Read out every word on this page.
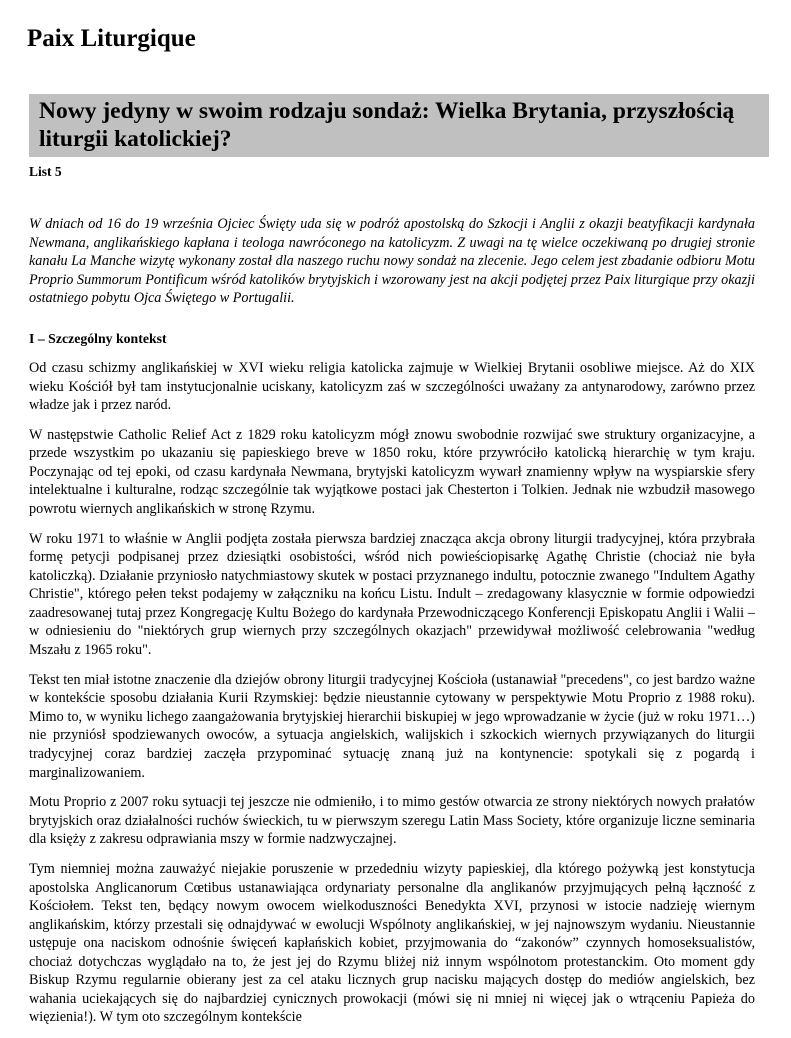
Paix Liturgique
Nowy jedyny w swoim rodzaju sondaż: Wielka Brytania, przyszłością liturgii katolickiej?
List 5

W dniach od 16 do 19 września Ojciec Święty uda się w podróż apostolską do Szkocji i Anglii z okazji beatyfikacji kardynała Newmana, anglikańskiego kapłana i teologa nawróconego na katolicyzm. Z uwagi na tę wielce oczekiwaną po drugiej stronie kanału La Manche wizytę wykonany został dla naszego ruchu nowy sondaż na zlecenie. Jego celem jest zbadanie odbioru Motu Proprio Summorum Pontificum wśród katolików brytyjskich i wzorowany jest na akcji podjętej przez Paix liturgique przy okazji ostatniego pobytu Ojca Świętego w Portugalii.

I – Szczególny kontekst

Od czasu schizmy anglikańskiej w XVI wieku religia katolicka zajmuje w Wielkiej Brytanii osobliwe miejsce. Aż do XIX wieku Kościół był tam instytucjonalnie uciskany, katolicyzm zaś w szczególności uważany za antynarodowy, zarówno przez władze jak i przez naród.

W następstwie Catholic Relief Act z 1829 roku katolicyzm mógł znowu swobodnie rozwijać swe struktury organizacyjne, a przede wszystkim po ukazaniu się papieskiego breve w 1850 roku, które przywróciło katolicką hierarchię w tym kraju. Poczynając od tej epoki, od czasu kardynała Newmana, brytyjski katolicyzm wywarł znamienny wpływ na wyspiarskie sfery intelektualne i kulturalne, rodząc szczególnie tak wyjątkowe postaci jak Chesterton i Tolkien. Jednak nie wzbudził masowego powrotu wiernych anglikańskich w stronę Rzymu.

W roku 1971 to właśnie w Anglii podjęta została pierwsza bardziej znacząca akcja obrony liturgii tradycyjnej, która przybrała formę petycji podpisanej przez dziesiątki osobistości, wśród nich powieściopisarkę Agathę Christie (chociaż nie była katoliczką). Działanie przyniosło natychmiastowy skutek w postaci przyznanego indultu, potocznie zwanego "Indultem Agathy Christie", którego pełen tekst podajemy w załączniku na końcu Listu. Indult – zredagowany klasycznie w formie odpowiedzi zaadresowanej tutaj przez Kongregację Kultu Bożego do kardynała Przewodniczącego Konferencji Episkopatu Anglii i Walii – w odniesieniu do "niektórych grup wiernych przy szczególnych okazjach" przewidywał możliwość celebrowania "według Mszału z 1965 roku".

Tekst ten miał istotne znaczenie dla dziejów obrony liturgii tradycyjnej Kościoła (ustanawiał "precedens", co jest bardzo ważne w kontekście sposobu działania Kurii Rzymskiej: będzie nieustannie cytowany w perspektywie Motu Proprio z 1988 roku). Mimo to, w wyniku lichego zaangażowania brytyjskiej hierarchii biskupiej w jego wprowadzanie w życie (już w roku 1971…) nie przyniósł spodziewanych owoców, a sytuacja angielskich, walijskich i szkockich wiernych przywiązanych do liturgii tradycyjnej coraz bardziej zaczęła przypominać sytuację znaną już na kontynencie: spotykali się z pogardą i marginalizowaniem.

Motu Proprio z 2007 roku sytuacji tej jeszcze nie odmieniło, i to mimo gestów otwarcia ze strony niektórych nowych prałatów brytyjskich oraz działalności ruchów świeckich, tu w pierwszym szeregu Latin Mass Society, które organizuje liczne seminaria dla księży z zakresu odprawiania mszy w formie nadzwyczajnej.

Tym niemniej można zauważyć niejakie poruszenie w przededniu wizyty papieskiej, dla którego pożywką jest konstytucja apostolska Anglicanorum Cœtibus ustanawiająca ordynariaty personalne dla anglikanów przyjmujących pełną łączność z Kościołem. Tekst ten, będący nowym owocem wielkoduszności Benedykta XVI, przynosi w istocie nadzieję wiernym anglikańskim, którzy przestali się odnajdywać w ewolucji Wspólnoty anglikańskiej, w jej najnowszym wydaniu. Nieustannie ustępuje ona naciskom odnośnie święceń kapłańskich kobiet, przyjmowania do “zakonów” czynnych homoseksualistów, chociaż dotychczas wyglądało na to, że jest jej do Rzymu bliżej niż innym wspólnotom protestanckim. Oto moment gdy Biskup Rzymu regularnie obierany jest za cel ataku licznych grup nacisku mających dostęp do mediów angielskich, bez wahania uciekających się do najbardziej cynicznych prowokacji (mówi się ni mniej ni więcej jak o wtrąceniu Papieża do więzienia!). W tym oto szczególnym kontekście
